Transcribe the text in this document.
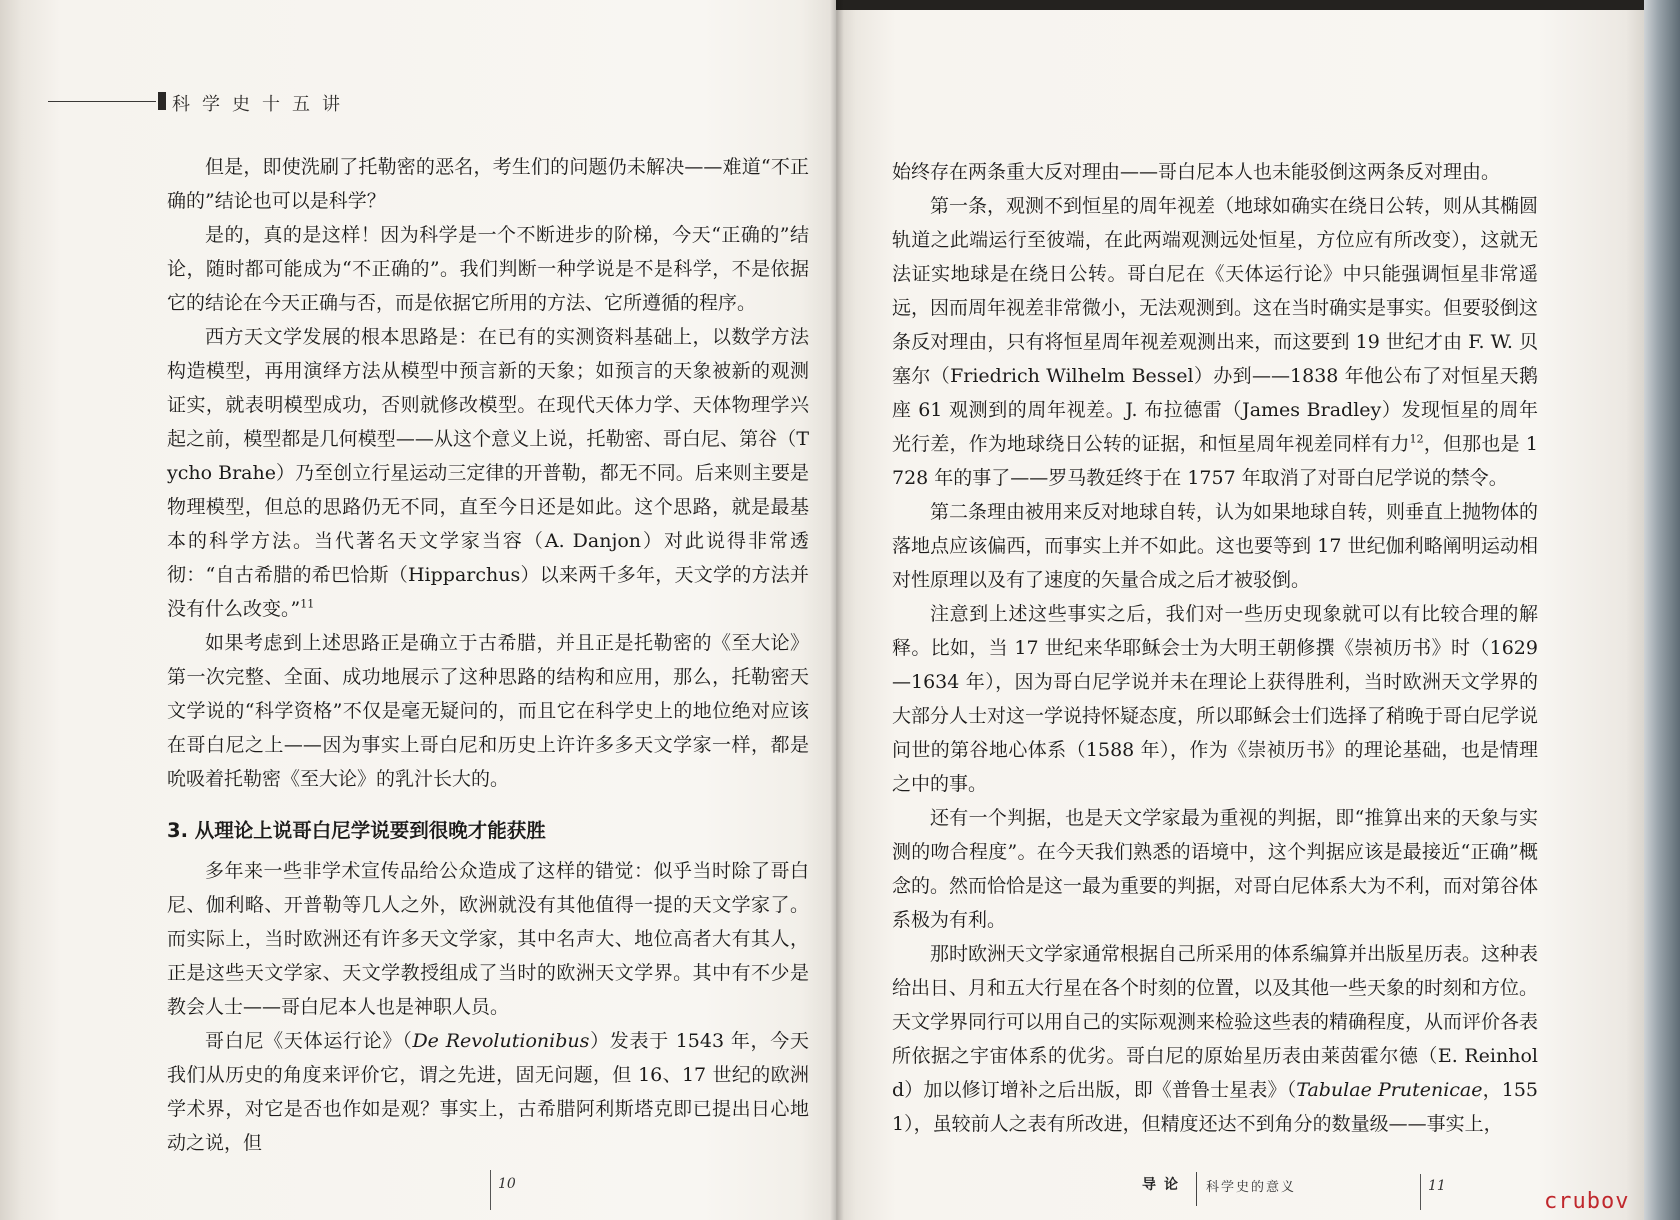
科学史十五讲

但是，即使洗刷了托勒密的恶名，考生们的问题仍未解决——难道“不正确的”结论也可以是科学？

是的，真的是这样！因为科学是一个不断进步的阶梯，今天“正确的”结论，随时都可能成为“不正确的”。我们判断一种学说是不是科学，不是依据它的结论在今天正确与否，而是依据它所用的方法、它所遵循的程序。

西方天文学发展的根本思路是：在已有的实测资料基础上，以数学方法构造模型，再用演绎方法从模型中预言新的天象；如预言的天象被新的观测证实，就表明模型成功，否则就修改模型。在现代天体力学、天体物理学兴起之前，模型都是几何模型——从这个意义上说，托勒密、哥白尼、第谷（Tycho Brahe）乃至创立行星运动三定律的开普勒，都无不同。后来则主要是物理模型，但总的思路仍无不同，直至今日还是如此。这个思路，就是最基本的科学方法。当代著名天文学家当容（A. Danjon）对此说得非常透彻：“自古希腊的希巴恰斯（Hipparchus）以来两千多年，天文学的方法并没有什么改变。”$^{11}$

如果考虑到上述思路正是确立于古希腊，并且正是托勒密的《至大论》第一次完整、全面、成功地展示了这种思路的结构和应用，那么，托勒密天文学说的“科学资格”不仅是毫无疑问的，而且它在科学史上的地位绝对应该在哥白尼之上——因为事实上哥白尼和历史上许许多多天文学家一样，都是吮吸着托勒密《至大论》的乳汁长大的。

3. 从理论上说哥白尼学说要到很晚才能获胜

多年来一些非学术宣传品给公众造成了这样的错觉：似乎当时除了哥白尼、伽利略、开普勒等几人之外，欧洲就没有其他值得一提的天文学家了。而实际上，当时欧洲还有许多天文学家，其中名声大、地位高者大有其人，正是这些天文学家、天文学教授组成了当时的欧洲天文学界。其中有不少是教会人士——哥白尼本人也是神职人员。

哥白尼《天体运行论》（De Revolutionibus）发表于 1543 年，今天我们从历史的角度来评价它，谓之先进，固无问题，但 16、17 世纪的欧洲学术界，对它是否也作如是观？事实上，古希腊阿利斯塔克即已提出日心地动之说，但

10

始终存在两条重大反对理由——哥白尼本人也未能驳倒这两条反对理由。

第一条，观测不到恒星的周年视差（地球如确实在绕日公转，则从其椭圆轨道之此端运行至彼端，在此两端观测远处恒星，方位应有所改变），这就无法证实地球是在绕日公转。哥白尼在《天体运行论》中只能强调恒星非常遥远，因而周年视差非常微小，无法观测到。这在当时确实是事实。但要驳倒这条反对理由，只有将恒星周年视差观测出来，而这要到 19 世纪才由 F. W. 贝塞尔（Friedrich Wilhelm Bessel）办到——1838 年他公布了对恒星天鹅座 61 观测到的周年视差。J. 布拉德雷（James Bradley）发现恒星的周年光行差，作为地球绕日公转的证据，和恒星周年视差同样有力$^{12}$，但那也是 1728 年的事了——罗马教廷终于在 1757 年取消了对哥白尼学说的禁令。

第二条理由被用来反对地球自转，认为如果地球自转，则垂直上抛物体的落地点应该偏西，而事实上并不如此。这也要等到 17 世纪伽利略阐明运动相对性原理以及有了速度的矢量合成之后才被驳倒。

注意到上述这些事实之后，我们对一些历史现象就可以有比较合理的解释。比如，当 17 世纪来华耶稣会士为大明王朝修撰《崇祯历书》时（1629—1634 年），因为哥白尼学说并未在理论上获得胜利，当时欧洲天文学界的大部分人士对这一学说持怀疑态度，所以耶稣会士们选择了稍晚于哥白尼学说问世的第谷地心体系（1588 年），作为《崇祯历书》的理论基础，也是情理之中的事。

还有一个判据，也是天文学家最为重视的判据，即“推算出来的天象与实测的吻合程度”。在今天我们熟悉的语境中，这个判据应该是最接近“正确”概念的。然而恰恰是这一最为重要的判据，对哥白尼体系大为不利，而对第谷体系极为有利。

那时欧洲天文学家通常根据自己所采用的体系编算并出版星历表。这种表给出日、月和五大行星在各个时刻的位置，以及其他一些天象的时刻和方位。天文学界同行可以用自己的实际观测来检验这些表的精确程度，从而评价各表所依据之宇宙体系的优劣。哥白尼的原始星历表由莱茵霍尔德（E. Reinhold）加以修订增补之后出版，即《普鲁士星表》（Tabulae Prutenicae，1551），虽较前人之表有所改进，但精度还达不到角分的数量级——事实上，

导论 科学史的意义	11
crubov
